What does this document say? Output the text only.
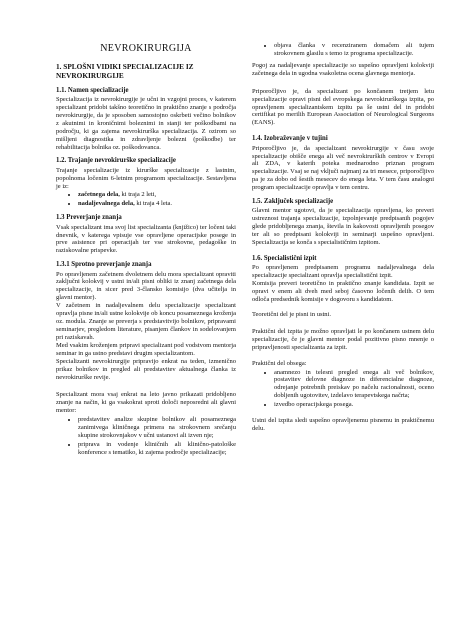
NEVROKIRURGIJA
1. SPLOŠNI VIDIKI SPECIALIZACIJE IZ NEVROKIRURGIJE
1.1. Namen specializacije

Specializacija iz nevrokirurgije je učni in vzgojni proces, v katerem specializant pridobi takšno teoretično in praktično znanje s področja nevrokirurgije, da je sposoben samostojno oskrbeti večino bolnikov z akutnimi in kroničnimi boleznimi in stanji ter poškodbami na področju, ki ga zajema nevrokirurška specializacija. Z ozirom so mišljeni diagnostika in zdravljenje bolezni (poškodbe) ter rehabilitacija bolnika oz. poškodovanca.

1.2. Trajanje nevrokirurške specializacije

Trajanje specializacije iz kirurške specializacije z lastnim, popolnoma ločenim 6-letnim programom specializacije. Sestavljena je iz:

• začetnega dela, ki traja 2 leti,
• nadaljevalnega dela, ki traja 4 leta.
1.3 Preverjanje znanja

Vsak specializant ima svoj list specializanta (knjižico) ter ločeni taki dnevnik, v katerega vpisuje vse opravljene operacijske posege in prve asistence pri operacijah ter vse strokovne, pedagoške in raziskovalne prispevke.

1.3.1 Sprotno preverjanje znanja

Po opravljenem začetnem dvoletnem delu mora specializant opraviti zaključni kolokvij v ustni in/ali pisni obliki iz znanj začetnega dela specializacije, in sicer pred 3-člansko komisijo (dva učitelja in glavni mentor).

V začetnem in nadaljevalnem delu specializacije specializant opravlja pisne in/ali ustne kolokvije ob koncu posameznega kroženja oz. modula. Znanje se preverja s predstavitvijo bolnikov, pripravami seminarjev, pregledom literature, pisanjem člankov in sodelovanjem pri raziskavah.

Med vsakim kroženjem pripravi specializant pod vodstvom mentorja seminar in ga ustno predstavi drugim specializantom.

Specializanti nevrokirurgije pripravijo enkrat na teden, izmenično prikaz bolnikov in pregled ali predstavitev aktualnega članka iz nevrokirurške revije.

Specializant mora vsaj enkrat na leto javno prikazati pridobljeno znanje na način, ki ga vsakokrat sproti določi neposredni ali glavni mentor:

• predstavitev analize skupine bolnikov ali posameznega zanimivega kliničnega primera na strokovnem srečanju skupine strokovnjakov v učni ustanovi ali izven nje;
• priprava in vodenje kliničnih ali klinično-patološke konference s tematiko, ki zajema področje specializacije;
• objava članka v recenziranem domačem ali tujem strokovnem glasilu s temo iz programa specializacije.

Pogoj za nadaljevanje specializacije so uspešno opravljeni kolokviji začetnega dela in ugodna vsakoletna ocena glavnega mentorja.

Priporočljivo je, da specializant po končanem tretjem letu specializacije opravi pisni del evropskega nevrokirurškega izpita, po opravljenem specializantskem izpitu pa še ustni del in pridobi certifikat po merilih European Association of Neurological Surgeons (EANS).

1.4. Izobraževanje v tujini

Priporočljivo je, da specializant nevrokirurgije v času svoje specializacije obišče enega ali več nevrokirurških centrov v Evropi ali ZDA, v katerih poteka mednarodno priznan program specializacije. Vsaj se naj vključi najmanj za tri mesece, priporočljivo pa je za dobo od šestih mesecev do enega leta. V tem času analogni program specializacije opravlja v tem centru.

1.5. Zaključek specializacije

Glavni mentor ugotovi, da je specializacija opravljena, ko preveri ustreznost trajanja specializacije, izpolnjevanje predpisanih pogojev glede pridobljenega znanja, števila in kakovosti opravljenih posegov ter ali so predpisani kolokviji in seminarji uspešno opravljeni. Specializacija se konča s specialističnim izpitom.

1.6. Specialistični izpit

Po opravljenem predpisanem programu nadaljevalnega dela specializacije specializant opravlja specialistični izpit.

Komisija preveri teoretično in praktično znanje kandidata. Izpit se opravi v enem ali dveh med seboj časovno ločenih delih. O tem odloča predsednik komisije v dogovoru s kandidatom.

Teoretični del je pisni in ustni.

Praktični del izpita je možno opravljati le po končanem ustnem delu specializacije, če je glavni mentor podal pozitivno pisno mnenje o pripravljenosti specializanta za izpit.

Praktični del obsega:

• anamnezo in telesni pregled enega ali več bolnikov, postavitev delovne diagnoze in diferencialne diagnoze, odrejanje potrebnih preiskav po načelu racionalnosti, oceno dobljenih ugotovitev, izdelavo terapevtskega načrta;
• izvedbo operacijskega posega.

Ustni del izpita sledi uspešno opravljenemu pisnemu in praktičnemu delu.
